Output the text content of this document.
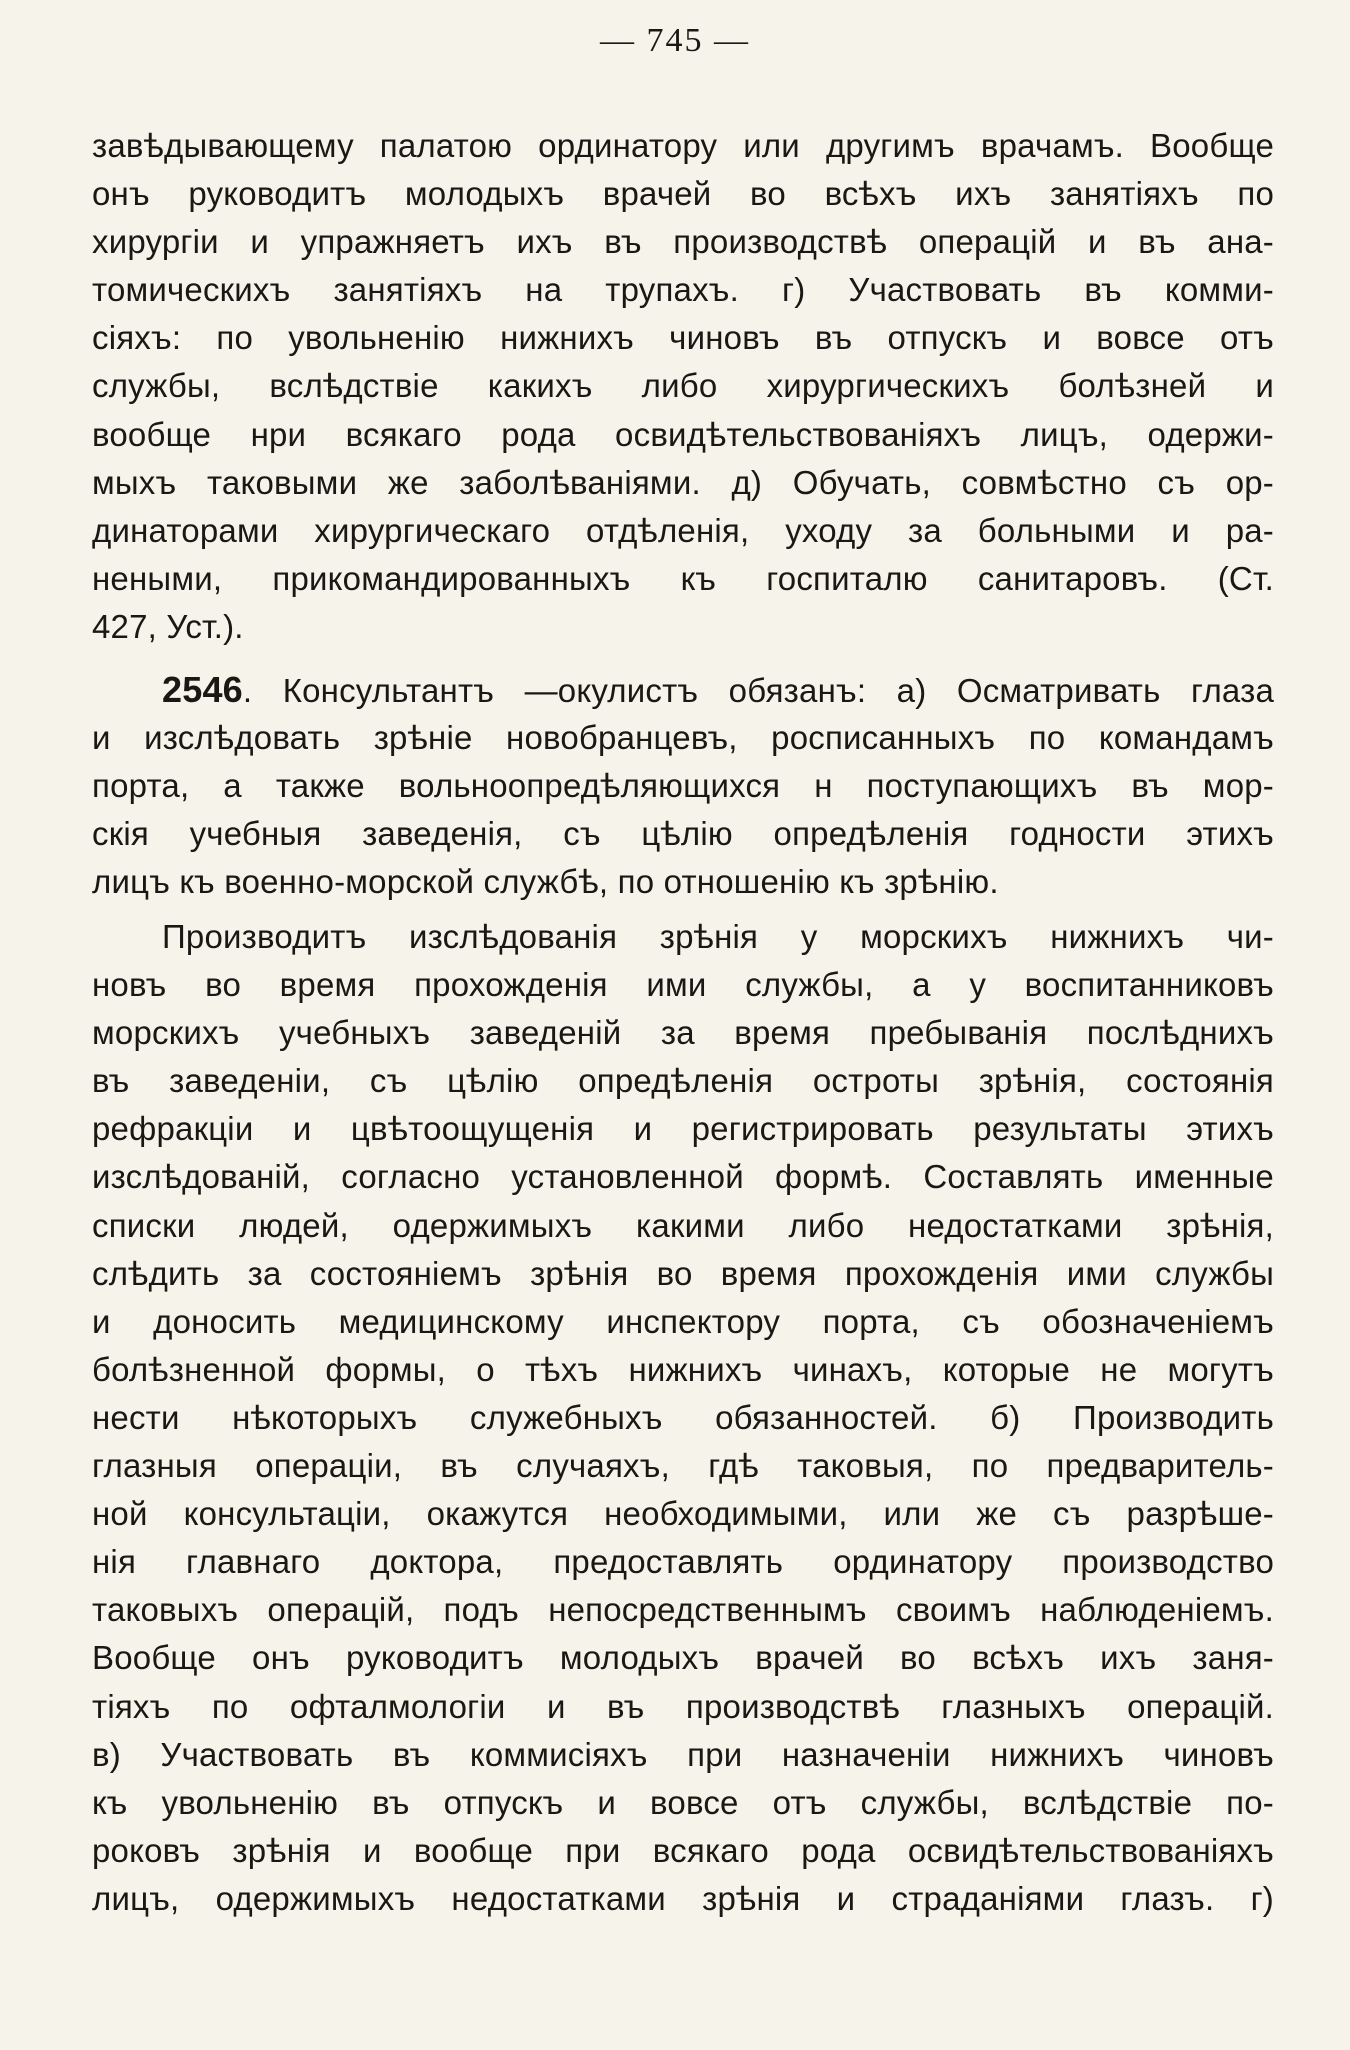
— 745 —
завѣдывающему палатою ординатору или другимъ врачамъ. Вообще
онъ руководитъ молодыхъ врачей во всѣхъ ихъ занятiяхъ по
хирургiи и упражняетъ ихъ въ производствѣ операцiй и въ ана-
томическихъ занятiяхъ на трупахъ. г) Участвовать въ комми-
сiяхъ: по увольненiю нижнихъ чиновъ въ отпускъ и вовсе отъ
службы, вслѣдствiе какихъ либо хирургическихъ болѣзней и
вообще нри всякаго рода освидѣтельствованiяхъ лицъ, одержи-
мыхъ таковыми же заболѣванiями. д) Обучать, совмѣстно съ ор-
динаторами хирургическаго отдѣленiя, уходу за больными и ра-
неными, прикомандированныхъ къ госпиталю санитаровъ. (Ст.
427, Уст.).
2546. Консультантъ —окулистъ обязанъ: а) Осматривать глаза
и изслѣдовать зрѣнiе новобранцевъ, росписанныхъ по командамъ
порта, а также вольноопредѣляющихся н поступающихъ въ мор-
скiя учебныя заведенiя, съ цѣлiю опредѣленiя годности этихъ
лицъ къ военно-морской службѣ, по отношенiю къ зрѣнiю.
Производитъ изслѣдованiя зрѣнiя у морскихъ нижнихъ чи-
новъ во время прохожденiя ими службы, а у воспитанниковъ
морскихъ учебныхъ заведенiй за время пребыванiя послѣднихъ
въ заведенiи, съ цѣлiю опредѣленiя остроты зрѣнiя, состоянiя
рефракцiи и цвѣтоощущенiя и регистрировать результаты этихъ
изслѣдованiй, согласно установленной формѣ. Составлять именные
списки людей, одержимыхъ какими либо недостатками зрѣнiя,
слѣдить за состоянiемъ зрѣнiя во время прохожденiя ими службы
и доносить медицинскому инспектору порта, съ обозначенiемъ
болѣзненной формы, о тѣхъ нижнихъ чинахъ, которые не могутъ
нести нѣкоторыхъ служебныхъ обязанностей. б) Производить
глазныя операцiи, въ случаяхъ, гдѣ таковыя, по предваритель-
ной консультацiи, окажутся необходимыми, или же съ разрѣше-
нiя главнаго доктора, предоставлять ординатору производство
таковыхъ операцiй, подъ непосредственнымъ своимъ наблюденiемъ.
Вообще онъ руководитъ молодыхъ врачей во всѣхъ ихъ заня-
тiяхъ по офталмологiи и въ производствѣ глазныхъ операцiй.
в) Участвовать въ коммисiяхъ при назначенiи нижнихъ чиновъ
къ увольненiю въ отпускъ и вовсе отъ службы, вслѣдствiе по-
роковъ зрѣнiя и вообще при всякаго рода освидѣтельствованiяхъ
лицъ, одержимыхъ недостатками зрѣнiя и страданiями глазъ. г)
